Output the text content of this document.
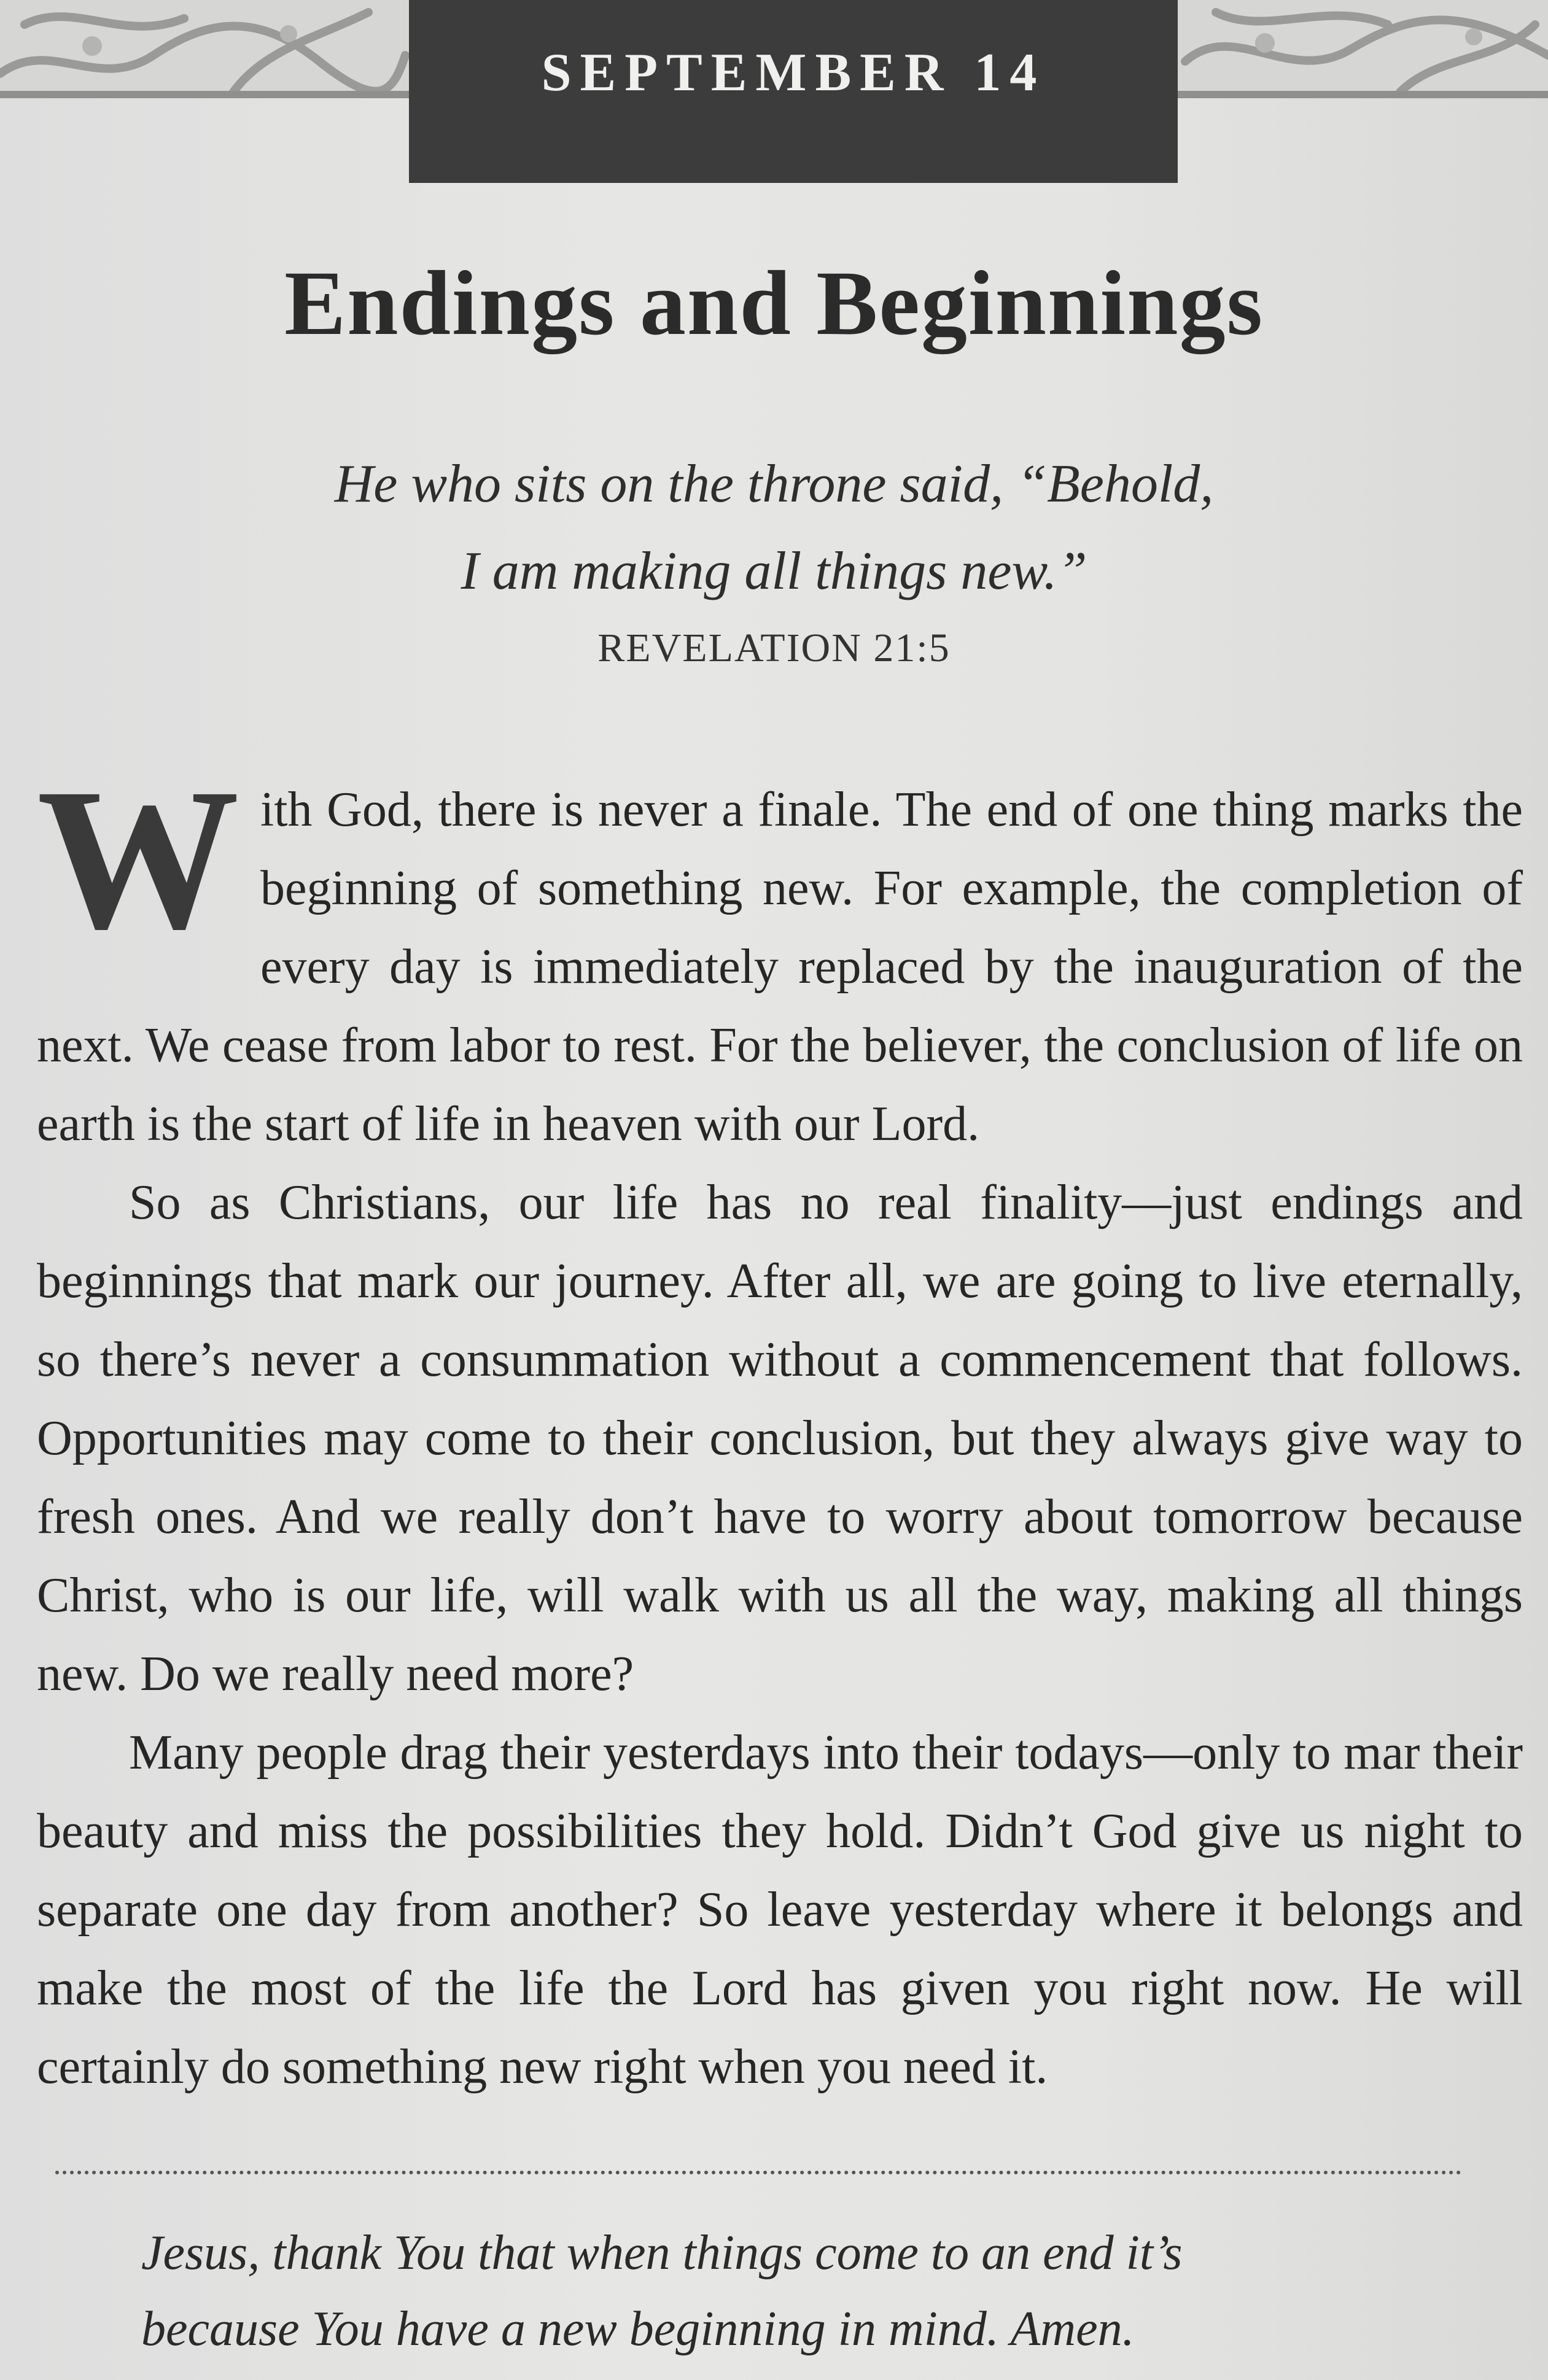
SEPTEMBER 14
Endings and Beginnings
He who sits on the throne said, “Behold,
I am making all things new.”
REVELATION 21:5

With God, there is never a finale. The end of one thing marks the beginning of something new. For example, the completion of every day is immediately replaced by the inauguration of the next. We cease from labor to rest. For the believer, the conclusion of life on earth is the start of life in heaven with our Lord.

So as Christians, our life has no real finality—just endings and beginnings that mark our journey. After all, we are going to live eternally, so there’s never a consummation without a commencement that follows. Opportunities may come to their conclusion, but they always give way to fresh ones. And we really don’t have to worry about tomorrow because Christ, who is our life, will walk with us all the way, making all things new. Do we really need more?

Many people drag their yesterdays into their todays—only to mar their beauty and miss the possibilities they hold. Didn’t God give us night to separate one day from another? So leave yesterday where it belongs and make the most of the life the Lord has given you right now. He will certainly do something new right when you need it.

Jesus, thank You that when things come to an end it’s
because You have a new beginning in mind. Amen.
